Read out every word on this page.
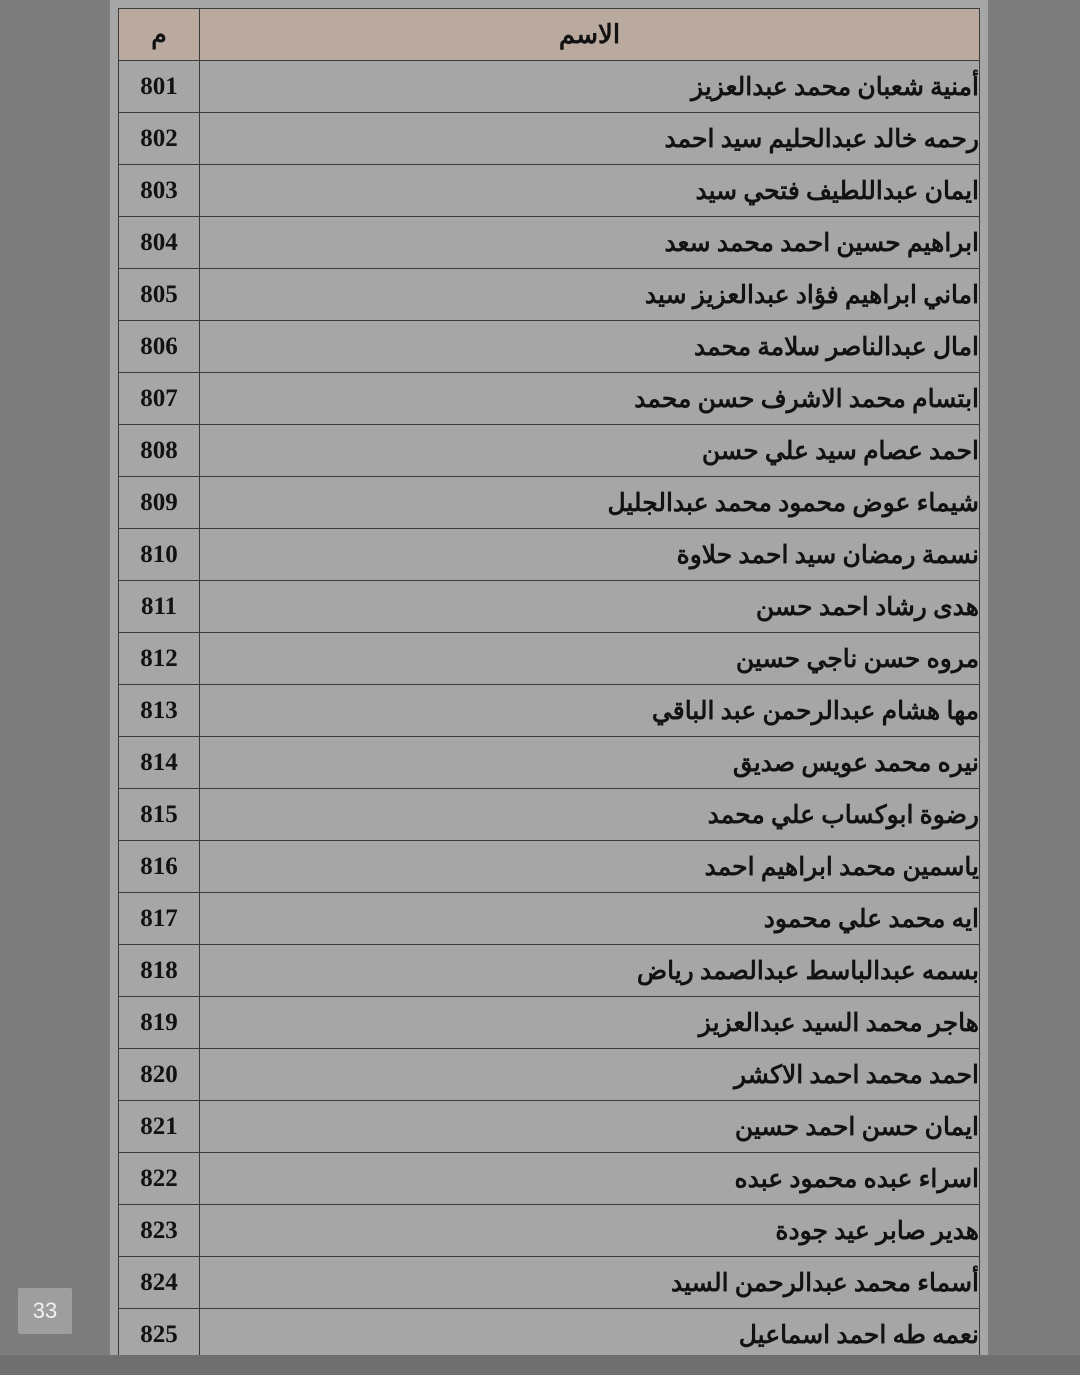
الاسم	م
أمنية شعبان محمد عبدالعزيز	801
رحمه خالد عبدالحليم سيد احمد	802
ايمان عبداللطيف فتحي سيد	803
ابراهيم حسين احمد محمد سعد	804
اماني ابراهيم فؤاد عبدالعزيز سيد	805
امال عبدالناصر سلامة محمد	806
ابتسام محمد الاشرف حسن محمد	807
احمد عصام سيد علي حسن	808
شيماء عوض محمود محمد عبدالجليل	809
نسمة رمضان سيد احمد حلاوة	810
هدى رشاد احمد حسن	811
مروه حسن ناجي حسين	812
مها هشام عبدالرحمن عبد الباقي	813
نيره محمد عويس صديق	814
رضوة ابوكساب علي محمد	815
ياسمين محمد ابراهيم احمد	816
ايه محمد علي محمود	817
بسمه عبدالباسط عبدالصمد رياض	818
هاجر محمد السيد عبدالعزيز	819
احمد محمد احمد الاكشر	820
ايمان حسن احمد حسين	821
اسراء عبده محمود عبده	822
هدير صابر عيد جودة	823
أسماء محمد عبدالرحمن السيد	824
نعمه طه احمد اسماعيل	825
33
